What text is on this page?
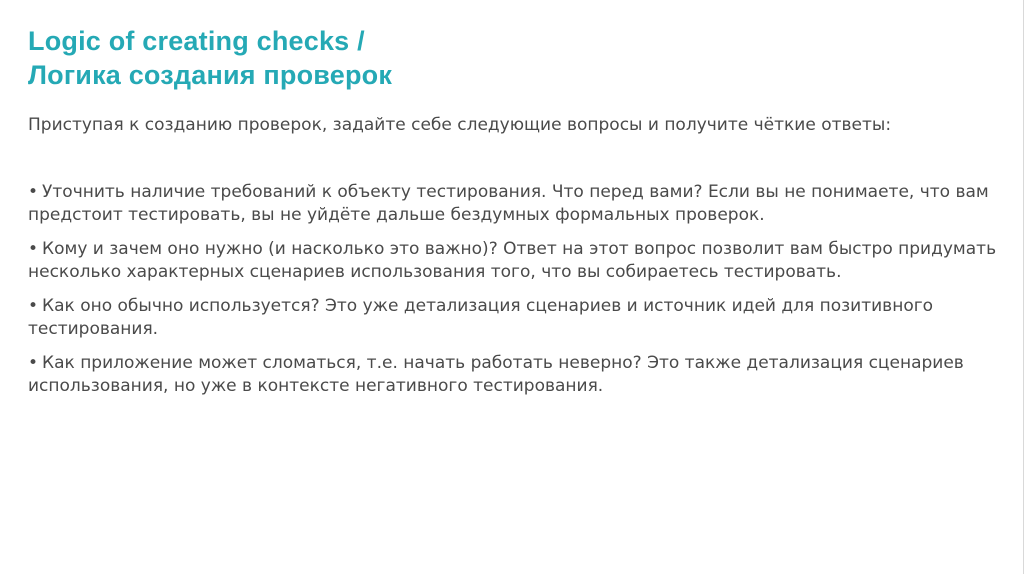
Logic of creating checks /
Логика создания проверок

Приступая к созданию проверок, задайте себе следующие вопросы и получите чёткие ответы:

• Уточнить наличие требований к объекту тестирования. Что перед вами? Если вы не понимаете, что вам предстоит тестировать, вы не уйдёте дальше бездумных формальных проверок.
• Кому и зачем оно нужно (и насколько это важно)? Ответ на этот вопрос позволит вам быстро придумать несколько характерных сценариев использования того, что вы собираетесь тестировать.
• Как оно обычно используется? Это уже детализация сценариев и источник идей для позитивного тестирования.
• Как приложение может сломаться, т.е. начать работать неверно? Это также детализация сценариев использования, но уже в контексте негативного тестирования.
